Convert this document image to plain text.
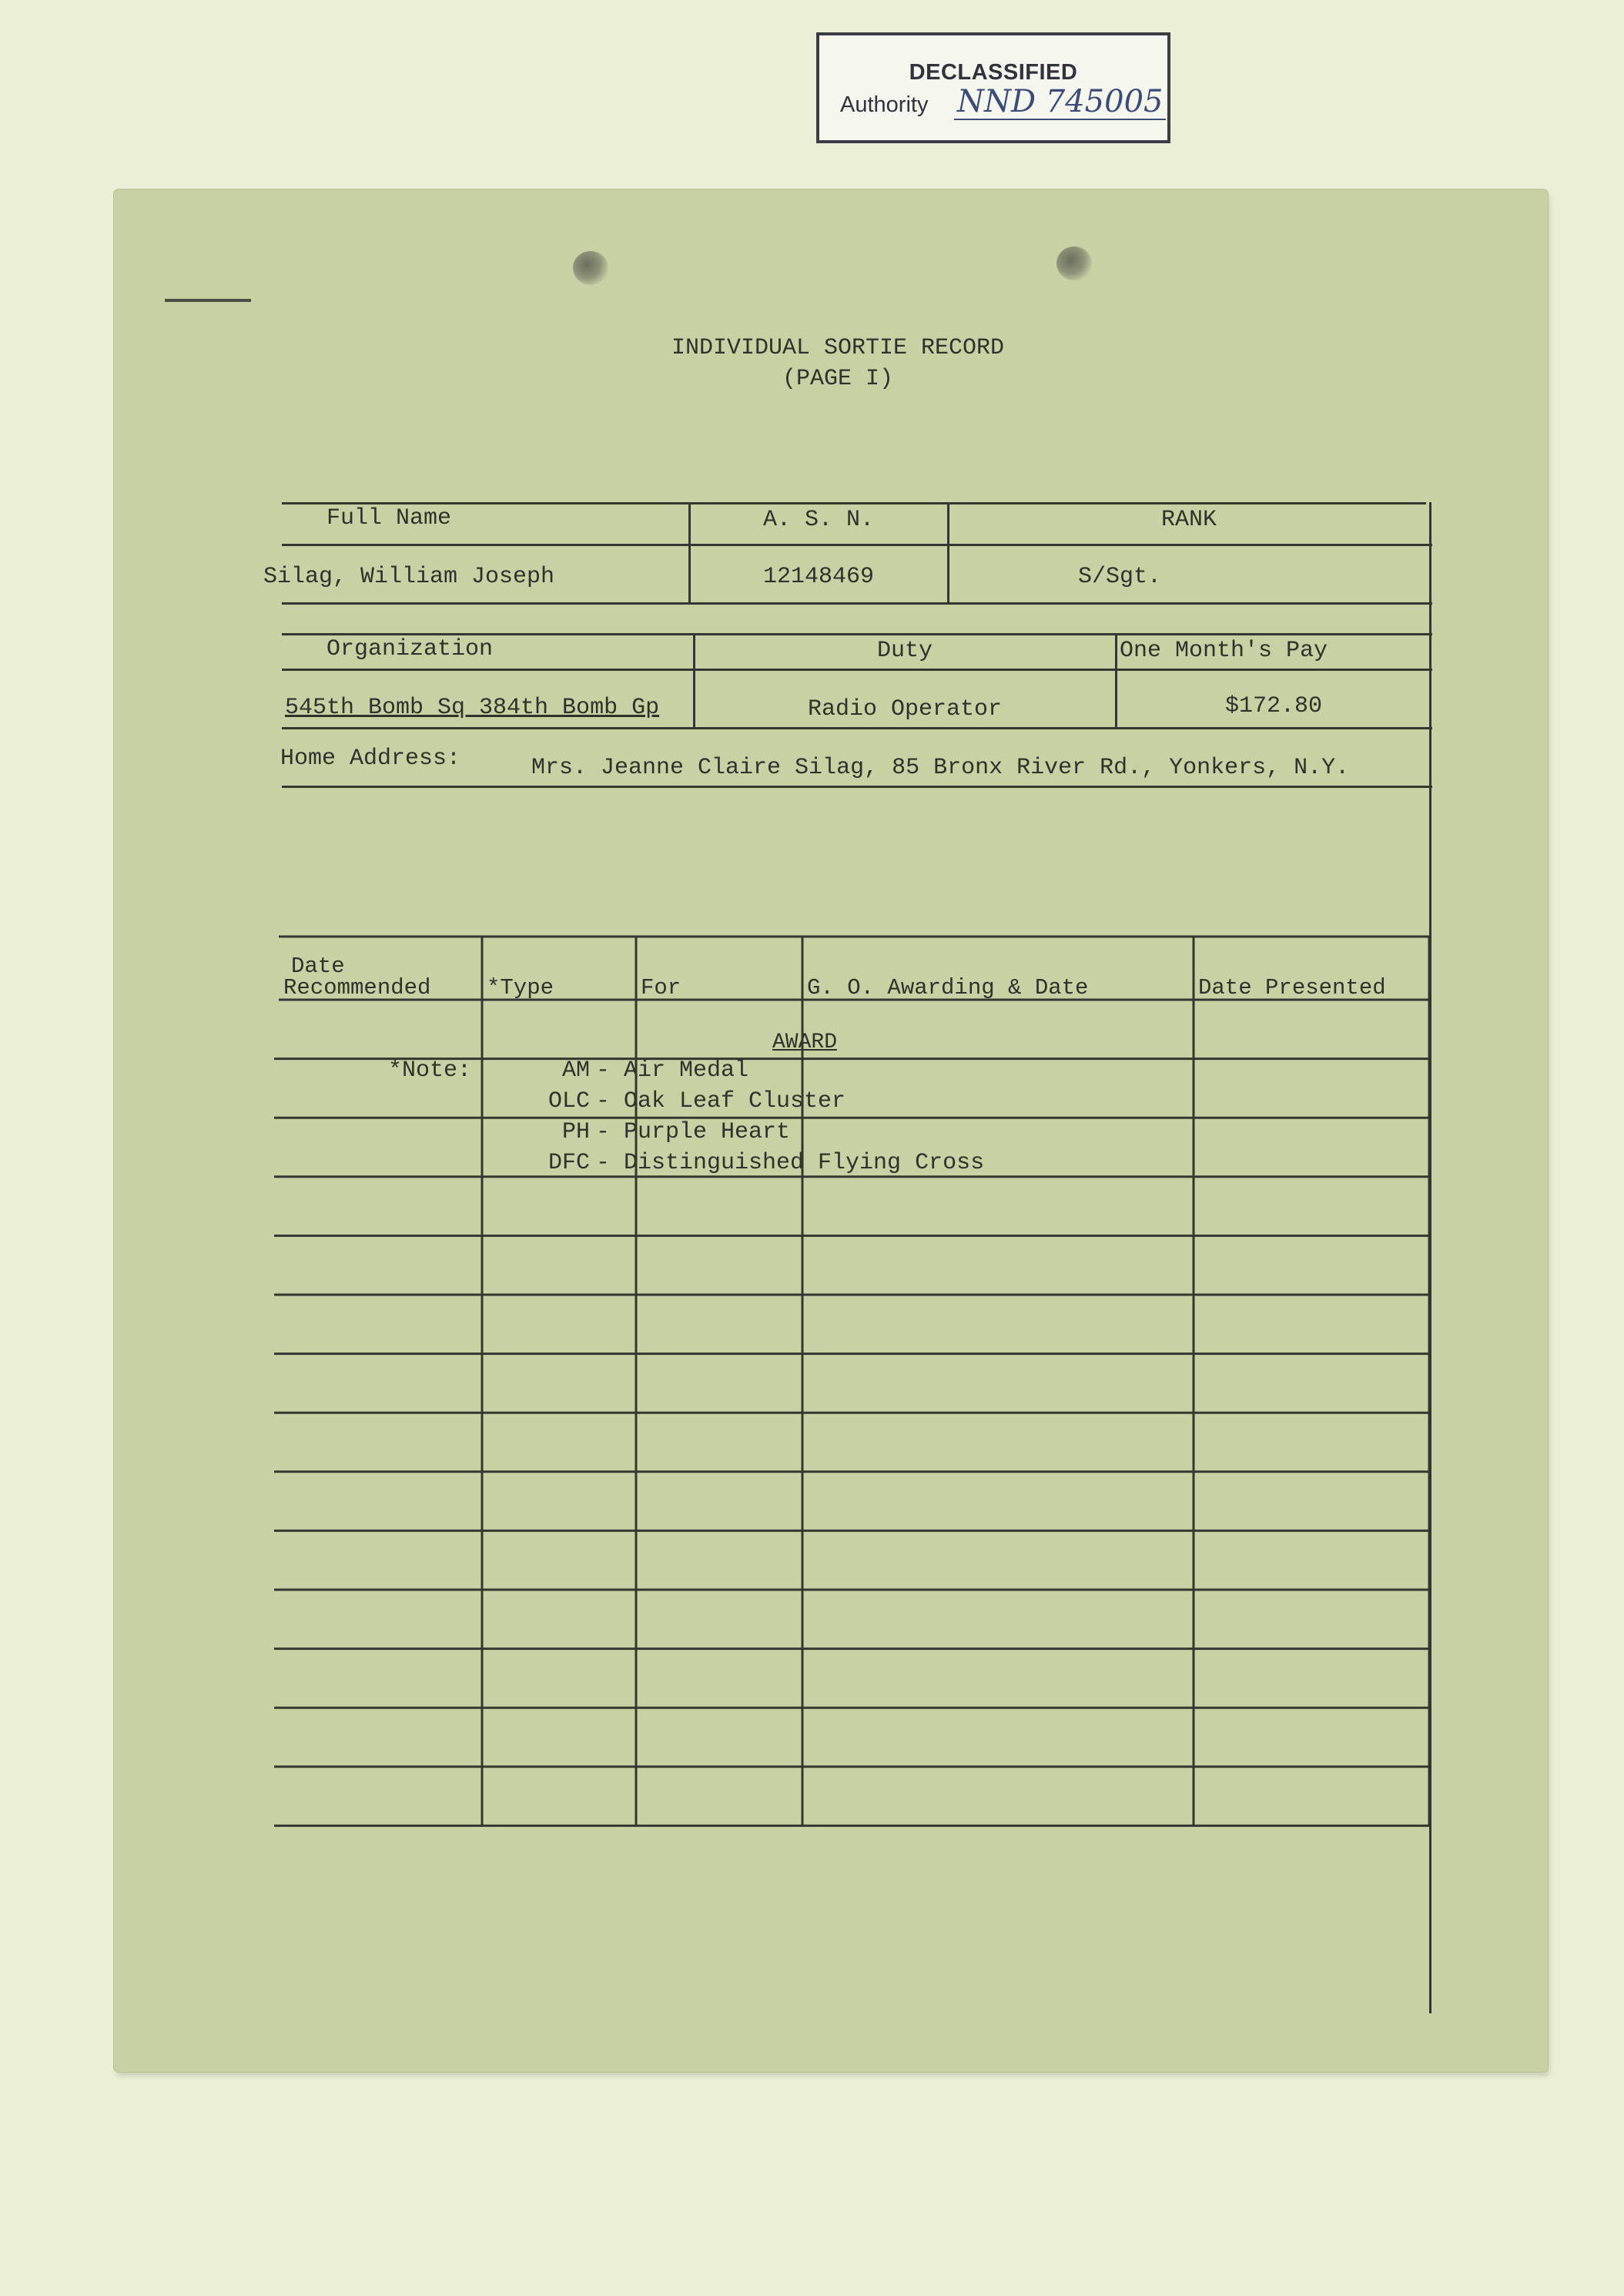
DECLASSIFIED
Authority NND 745005
INDIVIDUAL SORTIE RECORD
(PAGE I)
Full Name	A. S. N.	RANK
Silag, William Joseph	12148469	S/Sgt.
Organization	Duty	One Month's Pay
545th Bomb Sq 384th Bomb Gp	Radio Operator	$172.80
Home Address:	Mrs. Jeanne Claire Silag, 85 Bronx River Rd., Yonkers, N.Y.
AWARD
*Note:	AM - Air Medal
OLC - Oak Leaf Cluster
PH - Purple Heart
DFC - Distinguished Flying Cross
Date
Recommended	*Type	For	G. O. Awarding & Date	Date Presented
